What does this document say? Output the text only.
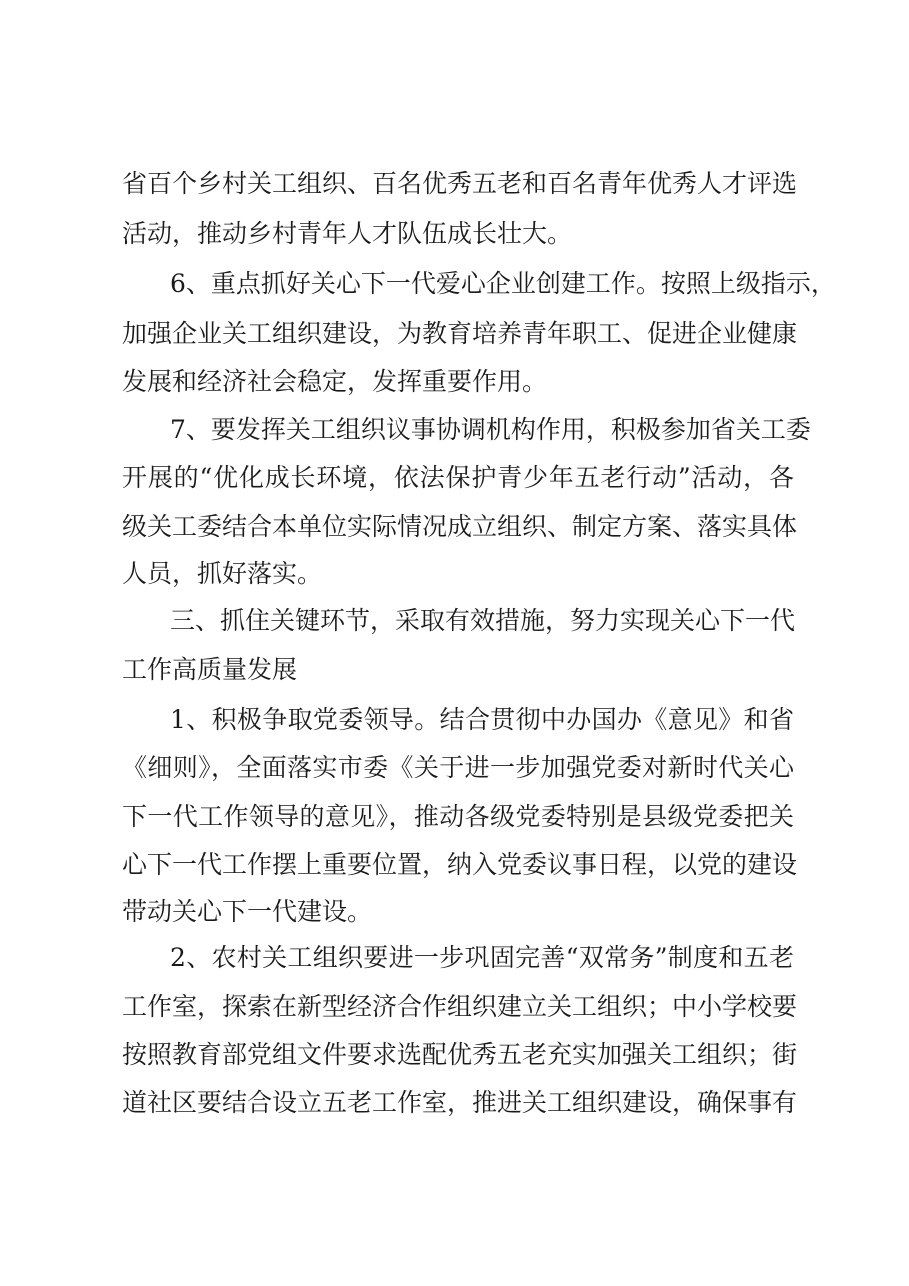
省百个乡村关工组织、百名优秀五老和百名青年优秀人才评选
活动，推动乡村青年人才队伍成长壮大。
6、重点抓好关心下一代爱心企业创建工作。按照上级指示，
加强企业关工组织建设，为教育培养青年职工、促进企业健康
发展和经济社会稳定，发挥重要作用。
7、要发挥关工组织议事协调机构作用，积极参加省关工委
开展的“优化成长环境，依法保护青少年五老行动”活动，各
级关工委结合本单位实际情况成立组织、制定方案、落实具体
人员，抓好落实。
三、抓住关键环节，采取有效措施，努力实现关心下一代
工作高质量发展
1、积极争取党委领导。结合贯彻中办国办《意见》和省
《细则》，全面落实市委《关于进一步加强党委对新时代关心
下一代工作领导的意见》，推动各级党委特别是县级党委把关
心下一代工作摆上重要位置，纳入党委议事日程，以党的建设
带动关心下一代建设。
2、农村关工组织要进一步巩固完善“双常务”制度和五老
工作室，探索在新型经济合作组织建立关工组织；中小学校要
按照教育部党组文件要求选配优秀五老充实加强关工组织；街
道社区要结合设立五老工作室，推进关工组织建设，确保事有
